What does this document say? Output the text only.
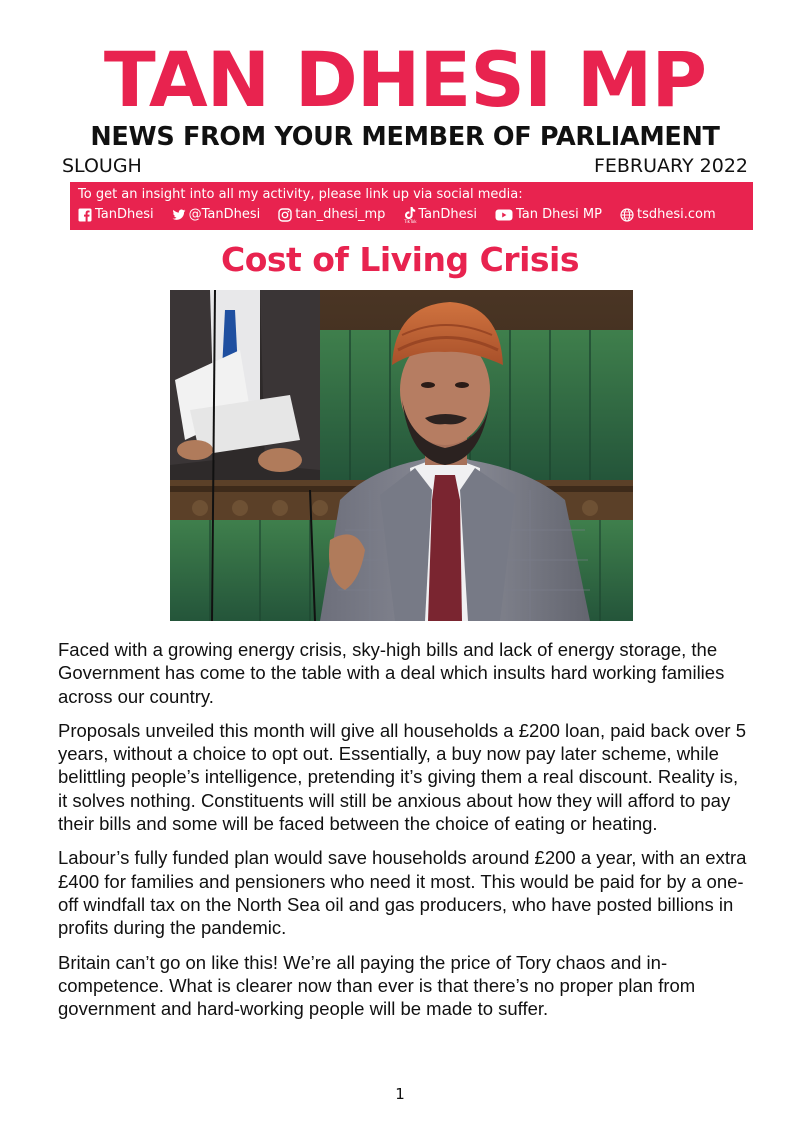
TAN DHESI MP
NEWS FROM YOUR MEMBER OF PARLIAMENT
SLOUGH	FEBRUARY 2022
To get an insight into all my activity, please link up via social media:
TanDhesi	@TanDhesi	tan_dhesi_mp	TikTok TanDhesi	Tan Dhesi MP	tsdhesi.com
Cost of Living Crisis

Faced with a growing energy crisis, sky-high bills and lack of energy storage, the Government has come to the table with a deal which insults hard working families across our country.

Proposals unveiled this month will give all households a £200 loan, paid back over 5 years, without a choice to opt out. Essentially, a buy now pay later scheme, while belittling people’s intelligence, pretending it’s giving them a real discount. Reality is, it solves nothing. Constituents will still be anxious about how they will afford to pay their bills and some will be faced between the choice of eating or heating.

Labour’s fully funded plan would save households around £200 a year, with an extra £400 for families and pensioners who need it most. This would be paid for by a one-off windfall tax on the North Sea oil and gas producers, who have posted billions in profits during the pandemic.

Britain can’t go on like this! We’re all paying the price of Tory chaos and in-competence. What is clearer now than ever is that there’s no proper plan from government and hard-working people will be made to suffer.

1
